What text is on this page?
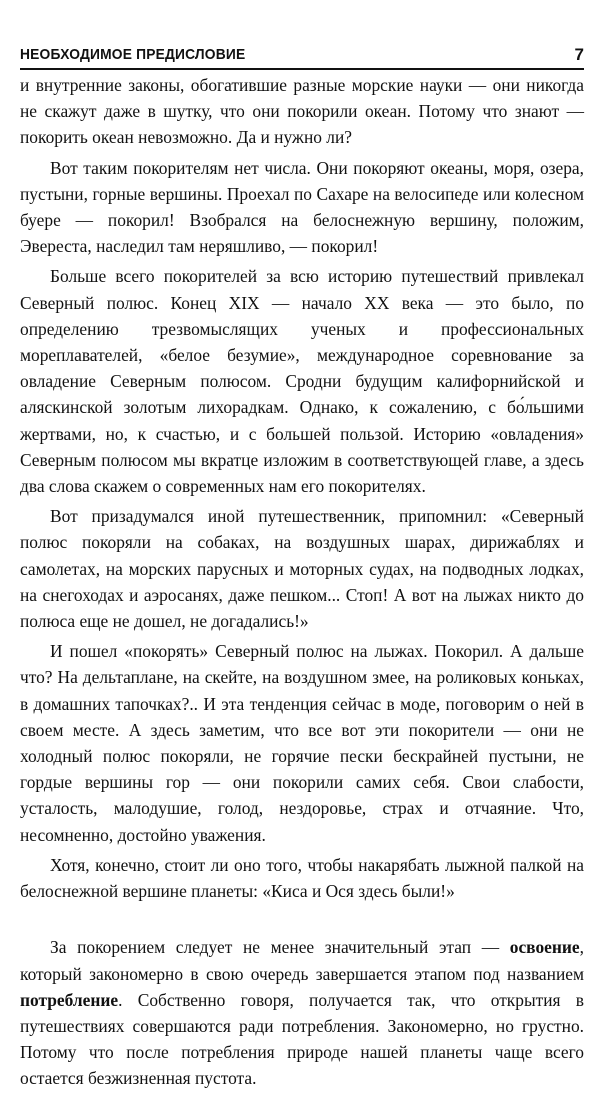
НЕОБХОДИМОЕ ПРЕДИСЛОВИЕ	7

и внутренние законы, обогатившие разные морские науки — они никогда не скажут даже в шутку, что они покорили океан. Потому что знают — покорить океан невозможно. Да и нужно ли?

Вот таким покорителям нет числа. Они покоряют океаны, моря, озера, пустыни, горные вершины. Проехал по Сахаре на велосипеде или колесном буере — покорил! Взобрался на белоснежную вершину, положим, Эвереста, наследил там неряшливо, — покорил!

Больше всего покорителей за всю историю путешествий привлекал Северный полюс. Конец XIX — начало XX века — это было, по определению трезвомыслящих ученых и профессиональных мореплавателей, «белое безумие», международное соревнование за овладение Северным полюсом. Сродни будущим калифорнийской и аляскинской золотым лихорадкам. Однако, к сожалению, с бо́льшими жертвами, но, к счастью, и с большей пользой. Историю «овладения» Северным полюсом мы вкратце изложим в соответствующей главе, а здесь два слова скажем о современных нам его покорителях.

Вот призадумался иной путешественник, припомнил: «Северный полюс покоряли на собаках, на воздушных шарах, дирижаблях и самолетах, на морских парусных и моторных судах, на подводных лодках, на снегоходах и аэросанях, даже пешком... Стоп! А вот на лыжах никто до полюса еще не дошел, не догадались!»

И пошел «покорять» Северный полюс на лыжах. Покорил. А дальше что? На дельтаплане, на скейте, на воздушном змее, на роликовых коньках, в домашних тапочках?.. И эта тенденция сейчас в моде, поговорим о ней в своем месте. А здесь заметим, что все вот эти покорители — они не холодный полюс покоряли, не горячие пески бескрайней пустыни, не гордые вершины гор — они покорили самих себя. Свои слабости, усталость, малодушие, голод, нездоровье, страх и отчаяние. Что, несомненно, достойно уважения.

Хотя, конечно, стоит ли оно того, чтобы накарябать лыжной палкой на белоснежной вершине планеты: «Киса и Ося здесь были!»

За покорением следует не менее значительный этап — освоение, который закономерно в свою очередь завершается этапом под названием потребление. Собственно говоря, получается так, что открытия в путешествиях совершаются ради потребления. Закономерно, но грустно. Потому что после потребления природе нашей планеты чаще всего остается безжизненная пустота.
